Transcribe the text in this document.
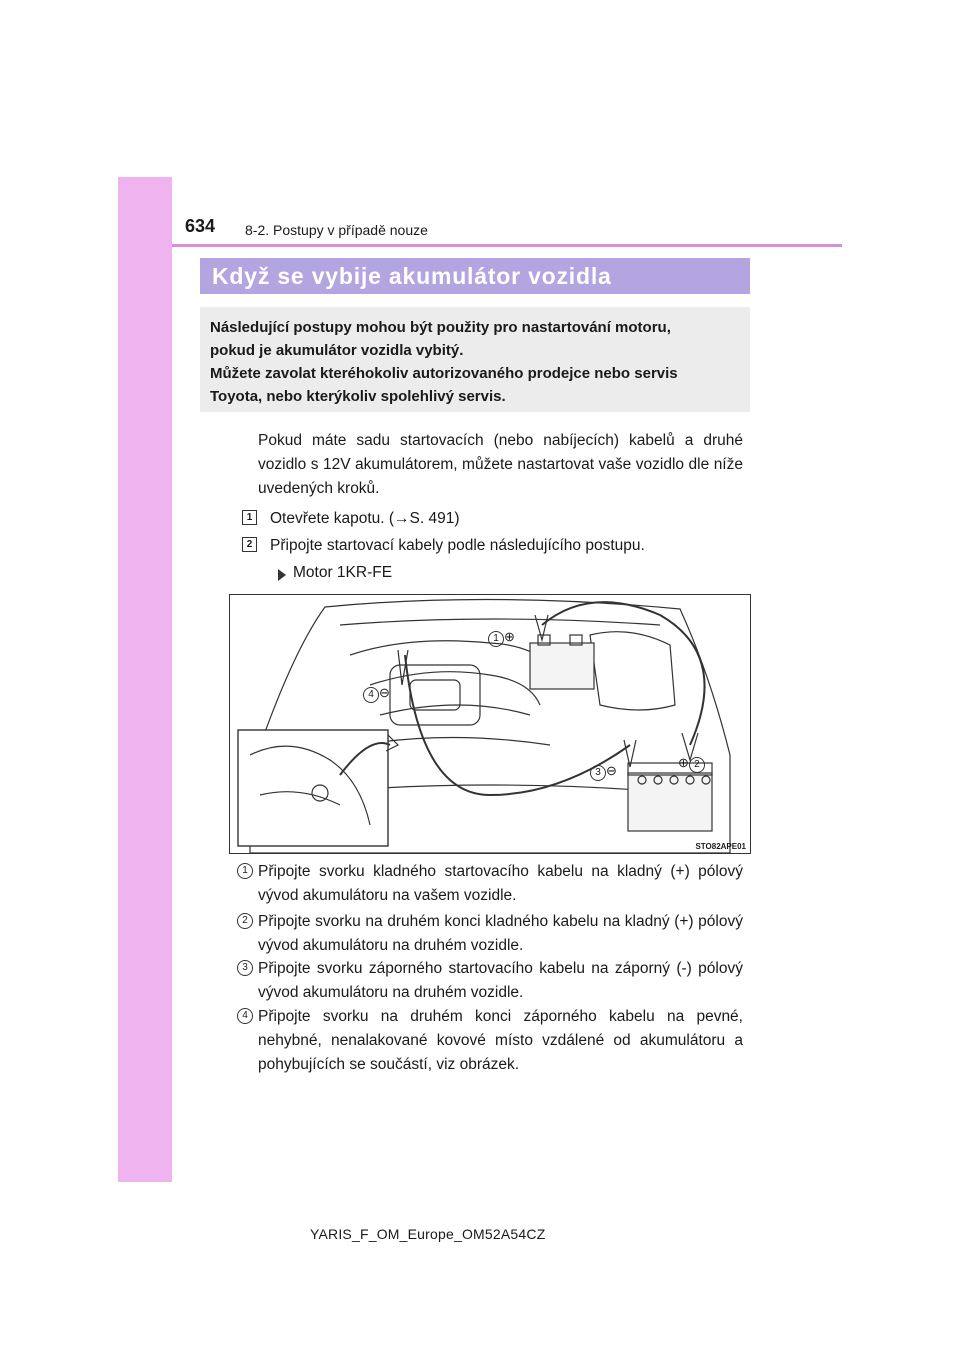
634 8-2. Postupy v případě nouze
Když se vybije akumulátor vozidla
Následující postupy mohou být použity pro nastartování motoru,
pokud je akumulátor vozidla vybitý.
Můžete zavolat kteréhokoliv autorizovaného prodejce nebo servis
Toyota, nebo kterýkoliv spolehlivý servis.
Pokud máte sadu startovacích (nebo nabíjecích) kabelů a druhé vozidlo s 12V akumulátorem, můžete nastartovat vaše vozidlo dle níže uvedených kroků.
1	Otevřete kapotu. (→S. 491)
2	Připojte startovací kabely podle následujícího postupu.
Motor 1KR-FE
STO82APE01
1 ⊕
⊕ 2
3 ⊖
4 ⊖
1 Připojte svorku kladného startovacího kabelu na kladný (+) pólový vývod akumulátoru na vašem vozidle.
2 Připojte svorku na druhém konci kladného kabelu na kladný (+) pólový vývod akumulátoru na druhém vozidle.
3 Připojte svorku záporného startovacího kabelu na záporný (-) pólový vývod akumulátoru na druhém vozidle.
4 Připojte svorku na druhém konci záporného kabelu na pevné, nehybné, nenalakované kovové místo vzdálené od akumulátoru a pohybujících se součástí, viz obrázek.
YARIS_F_OM_Europe_OM52A54CZ
